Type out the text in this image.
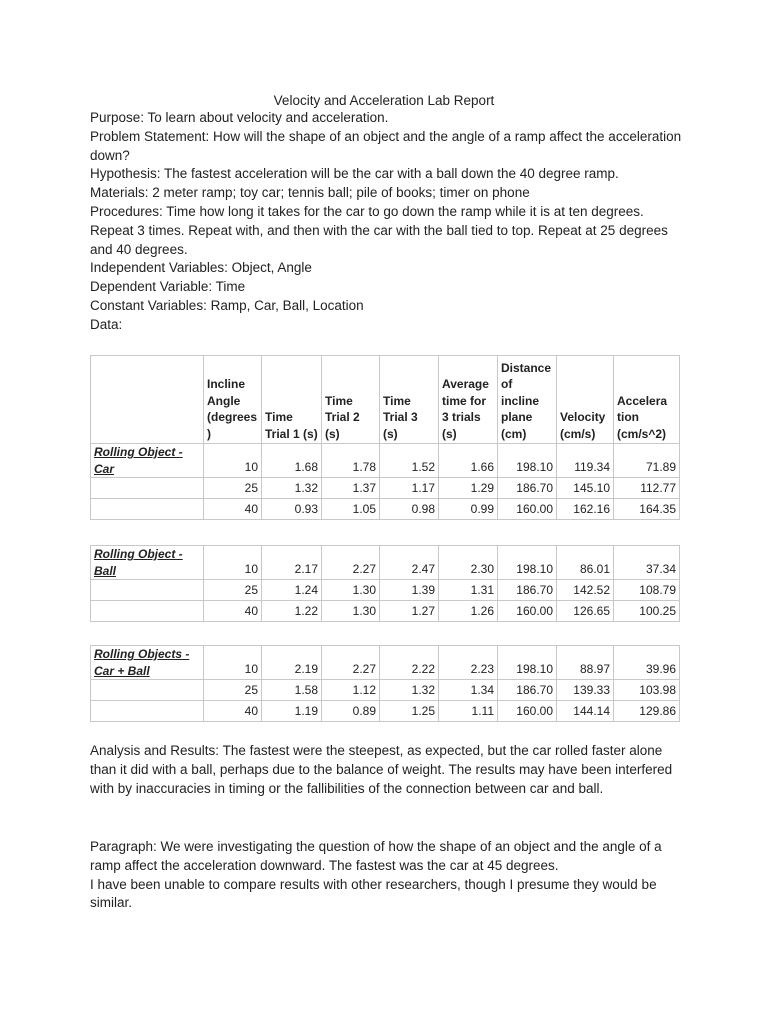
Velocity and Acceleration Lab Report

Purpose: To learn about velocity and acceleration.

Problem Statement: How will the shape of an object and the angle of a ramp affect the acceleration down?

Hypothesis: The fastest acceleration will be the car with a ball down the 40 degree ramp.

Materials: 2 meter ramp; toy car; tennis ball; pile of books; timer on phone

Procedures: Time how long it takes for the car to go down the ramp while it is at ten degrees. Repeat 3 times. Repeat with, and then with the car with the ball tied to top. Repeat at 25 degrees and 40 degrees.

Independent Variables: Object, Angle

Dependent Variable: Time

Constant Variables: Ramp, Car, Ball, Location

Data:

	Incline Angle (degrees )	Time Trial 1 (s)	Time Trial 2 (s)	Time Trial 3 (s)	Average time for 3 trials (s)	Distance of incline plane (cm)	Velocity (cm/s)	Accelera tion (cm/s^2)

Rolling Object - Car	10	1.68	1.78	1.52	1.66	198.10	119.34	71.89
	25	1.32	1.37	1.17	1.29	186.70	145.10	112.77
	40	0.93	1.05	0.98	0.99	160.00	162.16	164.35
Rolling Object - Ball	10	2.17	2.27	2.47	2.30	198.10	86.01	37.34
	25	1.24	1.30	1.39	1.31	186.70	142.52	108.79
	40	1.22	1.30	1.27	1.26	160.00	126.65	100.25
Rolling Objects - Car + Ball	10	2.19	2.27	2.22	2.23	198.10	88.97	39.96
	25	1.58	1.12	1.32	1.34	186.70	139.33	103.98
	40	1.19	0.89	1.25	1.11	160.00	144.14	129.86

Analysis and Results: The fastest were the steepest, as expected, but the car rolled faster alone than it did with a ball, perhaps due to the balance of weight. The results may have been interfered with by inaccuracies in timing or the fallibilities of the connection between car and ball.

Paragraph: We were investigating the question of how the shape of an object and the angle of a ramp affect the acceleration downward. The fastest was the car at 45 degrees.

I have been unable to compare results with other researchers, though I presume they would be similar.
